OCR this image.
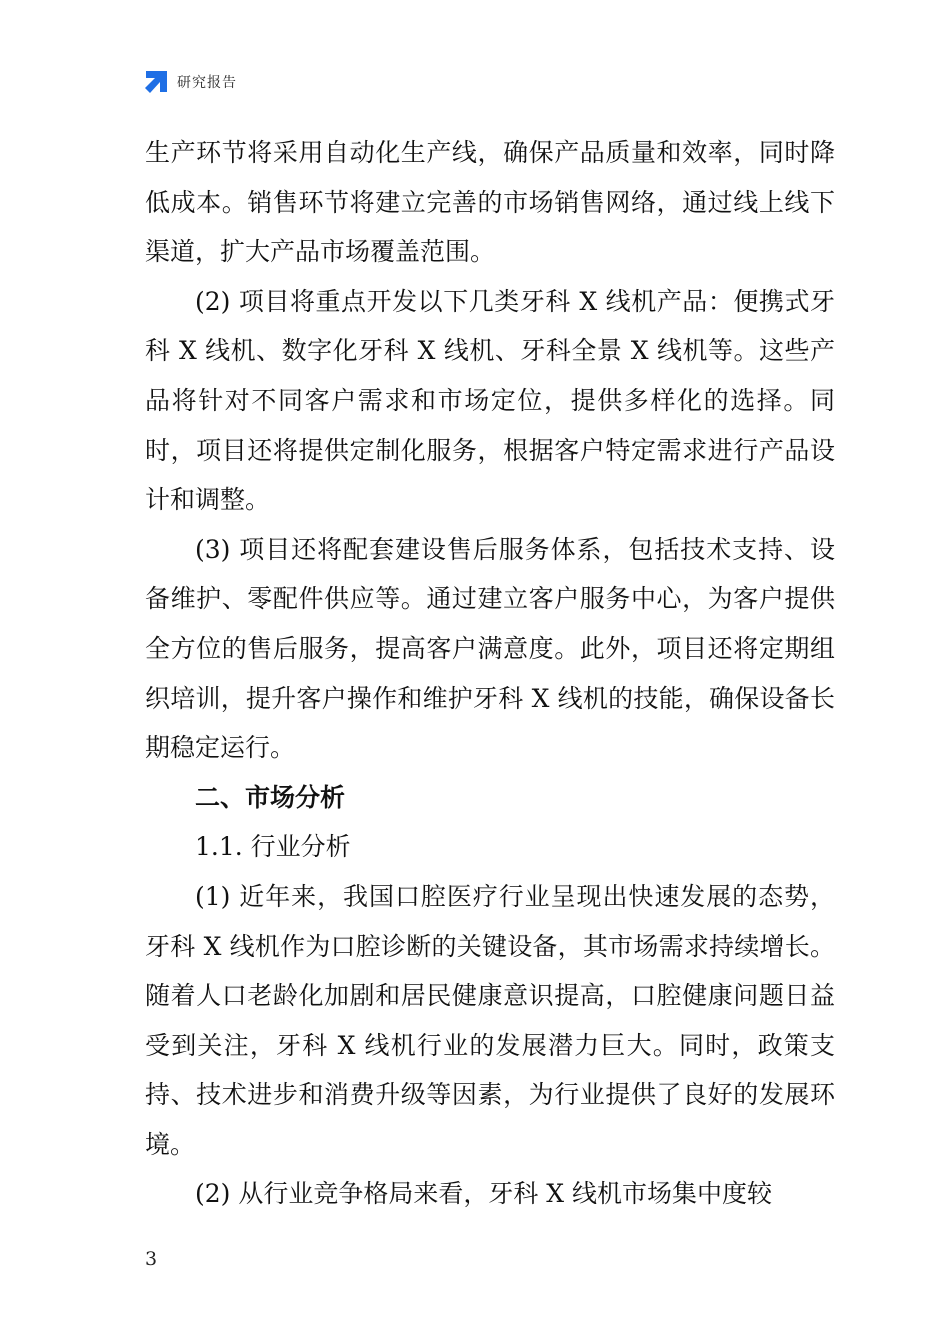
研究报告

生产环节将采用自动化生产线，确保产品质量和效率，同时降低成本。销售环节将建立完善的市场销售网络，通过线上线下渠道，扩大产品市场覆盖范围。

(2) 项目将重点开发以下几类牙科 X 线机产品：便携式牙科 X 线机、数字化牙科 X 线机、牙科全景 X 线机等。这些产品将针对不同客户需求和市场定位，提供多样化的选择。同时，项目还将提供定制化服务，根据客户特定需求进行产品设计和调整。

(3) 项目还将配套建设售后服务体系，包括技术支持、设备维护、零配件供应等。通过建立客户服务中心，为客户提供全方位的售后服务，提高客户满意度。此外，项目还将定期组织培训，提升客户操作和维护牙科 X 线机的技能，确保设备长期稳定运行。

二、市场分析

1.1. 行业分析

(1) 近年来，我国口腔医疗行业呈现出快速发展的态势，牙科 X 线机作为口腔诊断的关键设备，其市场需求持续增长。随着人口老龄化加剧和居民健康意识提高，口腔健康问题日益受到关注，牙科 X 线机行业的发展潜力巨大。同时，政策支持、技术进步和消费升级等因素，为行业提供了良好的发展环境。

(2) 从行业竞争格局来看，牙科 X 线机市场集中度较

3
